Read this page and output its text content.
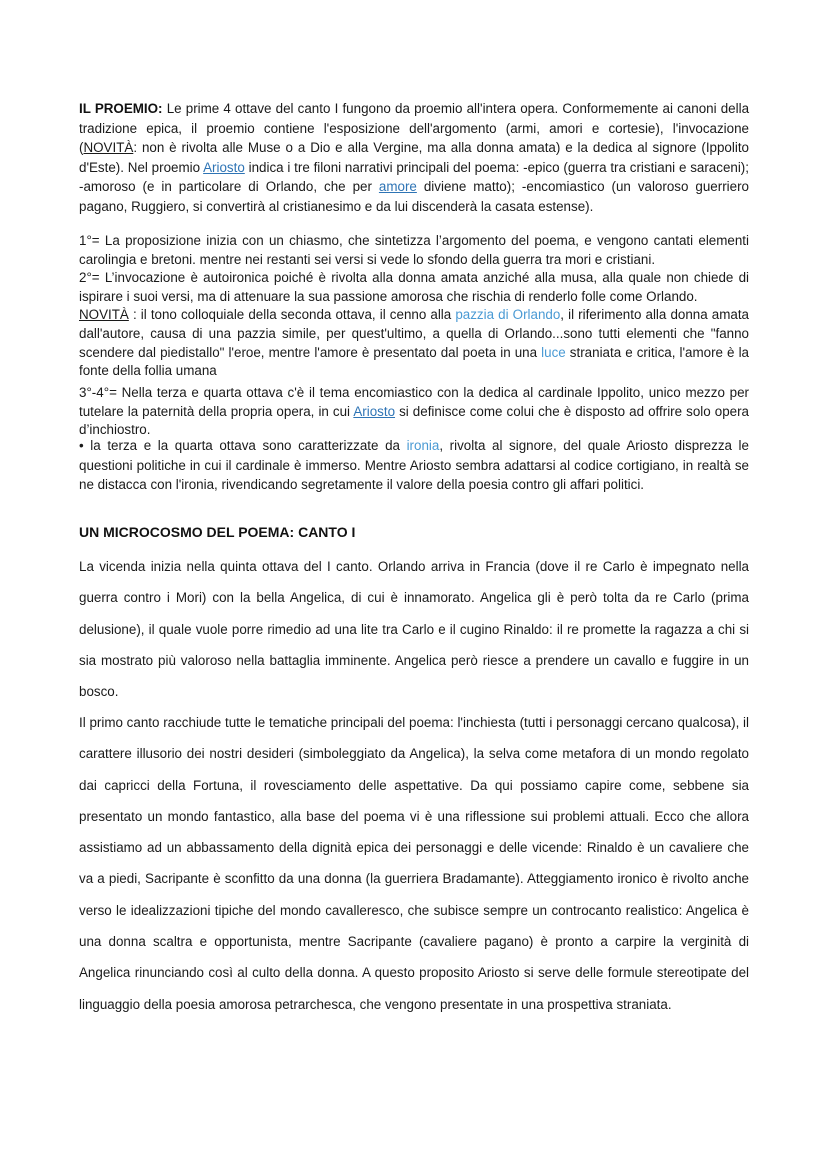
IL PROEMIO: Le prime 4 ottave del canto I fungono da proemio all'intera opera. Conformemente ai canoni della tradizione epica, il proemio contiene l'esposizione dell'argomento (armi, amori e cortesie), l'invocazione (NOVITÀ: non è rivolta alle Muse o a Dio e alla Vergine, ma alla donna amata) e la dedica al signore (Ippolito d'Este). Nel proemio Ariosto indica i tre filoni narrativi principali del poema: -epico (guerra tra cristiani e saraceni); -amoroso (e in particolare di Orlando, che per amore diviene matto); -encomiastico (un valoroso guerriero pagano, Ruggiero, si convertirà al cristianesimo e da lui discenderà la casata estense).

1°= La proposizione inizia con un chiasmo, che sintetizza l’argomento del poema, e vengono cantati elementi carolingia e bretoni. mentre nei restanti sei versi si vede lo sfondo della guerra tra mori e cristiani.

2°= L’invocazione è autoironica poiché è rivolta alla donna amata anziché alla musa, alla quale non chiede di ispirare i suoi versi, ma di attenuare la sua passione amorosa che rischia di renderlo folle come Orlando.

NOVITÀ : il tono colloquiale della seconda ottava, il cenno alla pazzia di Orlando, il riferimento alla donna amata dall'autore, causa di una pazzia simile, per quest'ultimo, a quella di Orlando...sono tutti elementi che "fanno scendere dal piedistallo" l'eroe, mentre l'amore è presentato dal poeta in una luce straniata e critica, l'amore è la fonte della follia umana

3°-4°= Nella terza e quarta ottava c'è il tema encomiastico con la dedica al cardinale Ippolito, unico mezzo per tutelare la paternità della propria opera, in cui Ariosto si definisce come colui che è disposto ad offrire solo opera d’inchiostro.

• la terza e la quarta ottava sono caratterizzate da ironia, rivolta al signore, del quale Ariosto disprezza le questioni politiche in cui il cardinale è immerso. Mentre Ariosto sembra adattarsi al codice cortigiano, in realtà se ne distacca con l'ironia, rivendicando segretamente il valore della poesia contro gli affari politici.

UN MICROCOSMO DEL POEMA: CANTO I

La vicenda inizia nella quinta ottava del I canto. Orlando arriva in Francia (dove il re Carlo è impegnato nella guerra contro i Mori) con la bella Angelica, di cui è innamorato. Angelica gli è però tolta da re Carlo (prima delusione), il quale vuole porre rimedio ad una lite tra Carlo e il cugino Rinaldo: il re promette la ragazza a chi si sia mostrato più valoroso nella battaglia imminente. Angelica però riesce a prendere un cavallo e fuggire in un bosco.

Il primo canto racchiude tutte le tematiche principali del poema: l'inchiesta (tutti i personaggi cercano qualcosa), il carattere illusorio dei nostri desideri (simboleggiato da Angelica), la selva come metafora di un mondo regolato dai capricci della Fortuna, il rovesciamento delle aspettative. Da qui possiamo capire come, sebbene sia presentato un mondo fantastico, alla base del poema vi è una riflessione sui problemi attuali. Ecco che allora assistiamo ad un abbassamento della dignità epica dei personaggi e delle vicende: Rinaldo è un cavaliere che va a piedi, Sacripante è sconfitto da una donna (la guerriera Bradamante). Atteggiamento ironico è rivolto anche verso le idealizzazioni tipiche del mondo cavalleresco, che subisce sempre un controcanto realistico: Angelica è una donna scaltra e opportunista, mentre Sacripante (cavaliere pagano) è pronto a carpire la verginità di Angelica rinunciando così al culto della donna. A questo proposito Ariosto si serve delle formule stereotipate del linguaggio della poesia amorosa petrarchesca, che vengono presentate in una prospettiva straniata.
